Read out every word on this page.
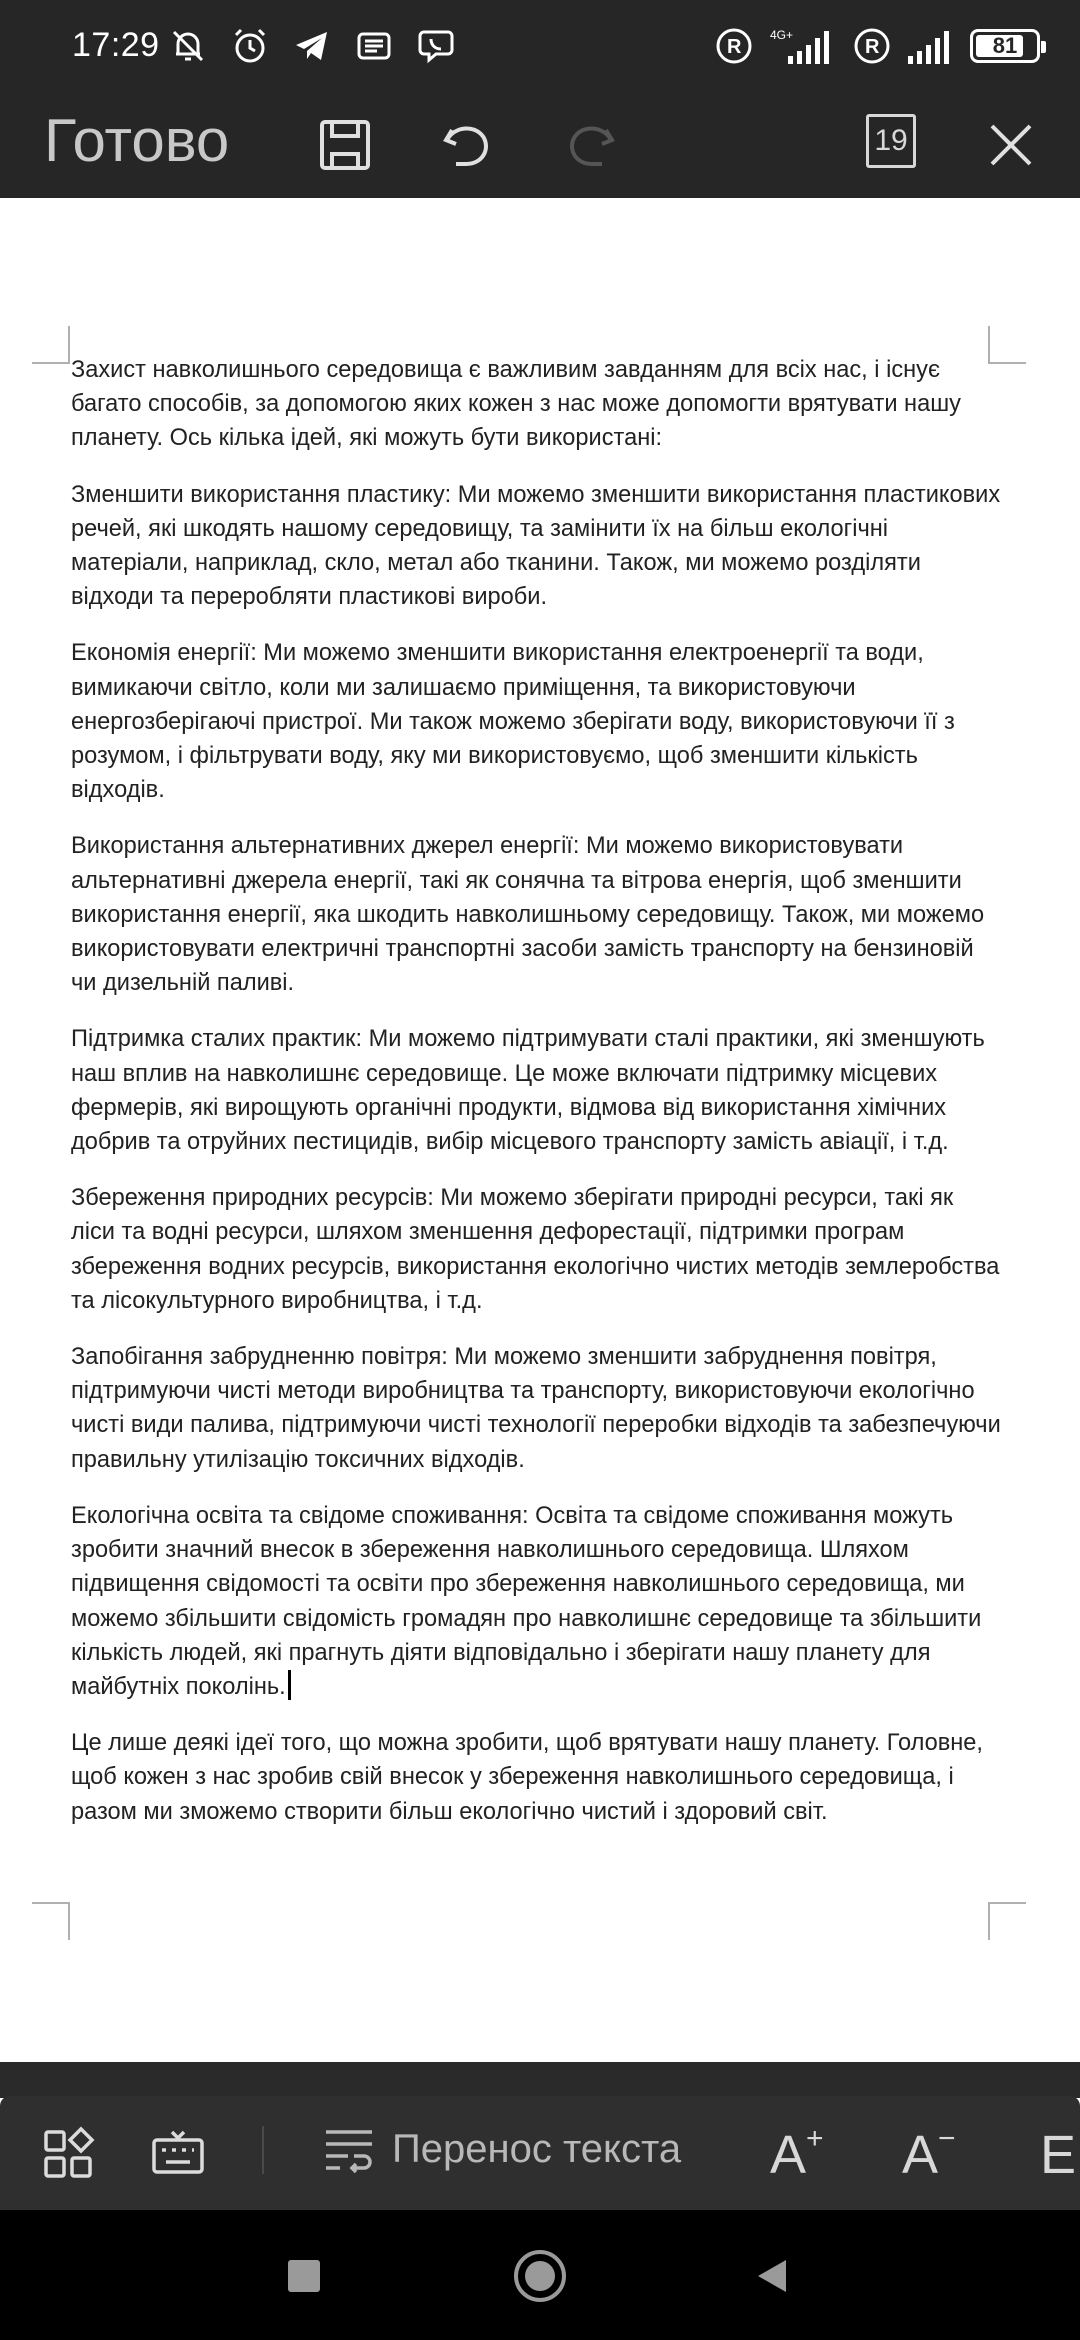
17:29	R
4G+
R	81
Готово	19

Захист навколишнього середовища є важливим завданням для всіх нас, і існує багато способів, за допомогою яких кожен з нас може допомогти врятувати нашу планету. Ось кілька ідей, які можуть бути використані:

Зменшити використання пластику: Ми можемо зменшити використання пластикових речей, які шкодять нашому середовищу, та замінити їх на більш екологічні матеріали, наприклад, скло, метал або тканини. Також, ми можемо розділяти відходи та переробляти пластикові вироби.

Економія енергії: Ми можемо зменшити використання електроенергії та води, вимикаючи світло, коли ми залишаємо приміщення, та використовуючи енергозберігаючі пристрої. Ми також можемо зберігати воду, використовуючи її з розумом, і фільтрувати воду, яку ми використовуємо, щоб зменшити кількість відходів.

Використання альтернативних джерел енергії: Ми можемо використовувати альтернативні джерела енергії, такі як сонячна та вітрова енергія, щоб зменшити використання енергії, яка шкодить навколишньому середовищу. Також, ми можемо використовувати електричні транспортні засоби замість транспорту на бензиновій чи дизельній паливі.

Підтримка сталих практик: Ми можемо підтримувати сталі практики, які зменшують наш вплив на навколишнє середовище. Це може включати підтримку місцевих фермерів, які вирощують органічні продукти, відмова від використання хімічних добрив та отруйних пестицидів, вибір місцевого транспорту замість авіації, і т.д.

Збереження природних ресурсів: Ми можемо зберігати природні ресурси, такі як ліси та водні ресурси, шляхом зменшення дефорестації, підтримки програм збереження водних ресурсів, використання екологічно чистих методів землеробства та лісокультурного виробництва, і т.д.

Запобігання забрудненню повітря: Ми можемо зменшити забруднення повітря, підтримуючи чисті методи виробництва та транспорту, використовуючи екологічно чисті види палива, підтримуючи чисті технології переробки відходів та забезпечуючи правильну утилізацію токсичних відходів.

Екологічна освіта та свідоме споживання: Освіта та свідоме споживання можуть зробити значний внесок в збереження навколишнього середовища. Шляхом підвищення свідомості та освіти про збереження навколишнього середовища, ми можемо збільшити свідомість громадян про навколишнє середовище та збільшити кількість людей, які прагнуть діяти відповідально і зберігати нашу планету для майбутніх поколінь.

Це лише деякі ідеї того, що можна зробити, щоб врятувати нашу планету. Головне, щоб кожен з нас зробив свій внесок у збереження навколишнього середовища, і разом ми зможемо створити більш екологічно чистий і здоровий світ.

Перенос текста A+ A− E
